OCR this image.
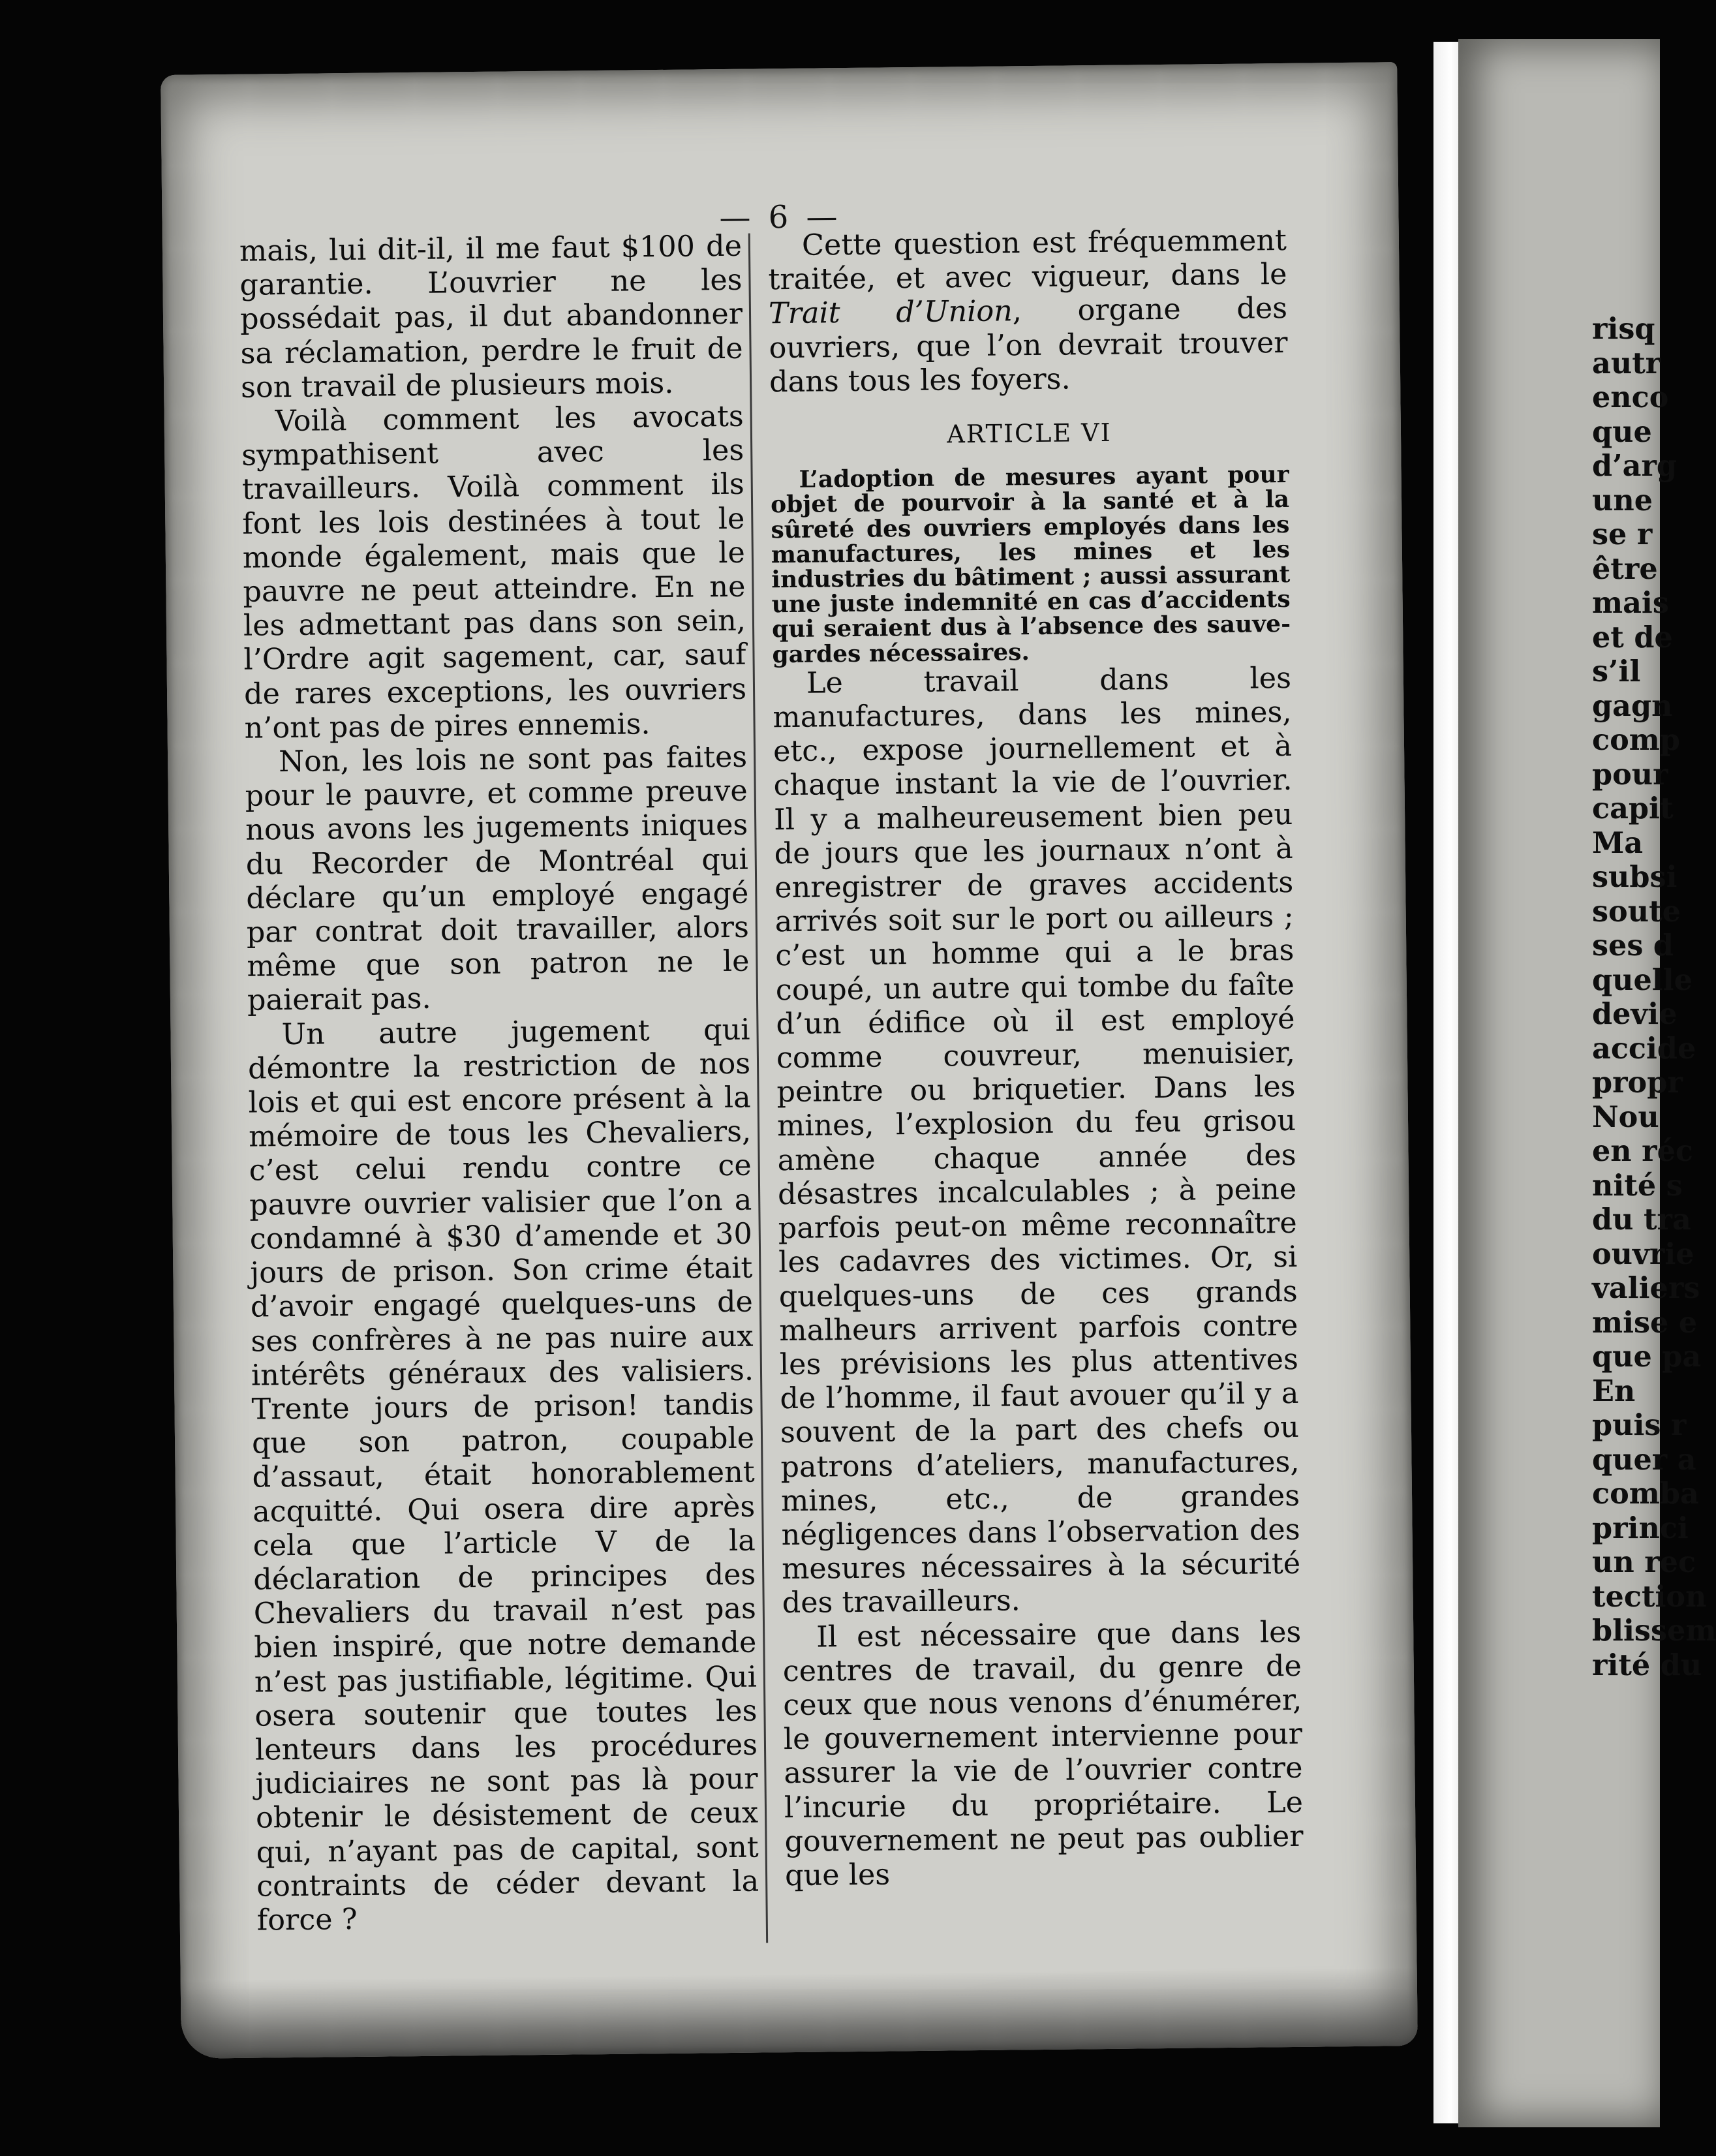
— 6 —

mais, lui dit-il, il me faut $100 de garantie. L’ouvrier ne les possédait pas, il dut abandonner sa réclamation, perdre le fruit de son travail de plusieurs mois.

Voilà comment les avocats sympathisent avec les travailleurs. Voilà comment ils font les lois destinées à tout le monde également, mais que le pauvre ne peut atteindre. En ne les admettant pas dans son sein, l’Ordre agit sagement, car, sauf de rares exceptions, les ouvriers n’ont pas de pires ennemis.

Non, les lois ne sont pas faites pour le pauvre, et comme preuve nous avons les jugements iniques du Recorder de Montréal qui déclare qu’un employé engagé par contrat doit travailler, alors même que son patron ne le paierait pas.

Un autre jugement qui démontre la restriction de nos lois et qui est encore présent à la mémoire de tous les Chevaliers, c’est celui rendu contre ce pauvre ouvrier valisier que l’on a condamné à $30 d’amende et 30 jours de prison. Son crime était d’avoir engagé quelques-uns de ses confrères à ne pas nuire aux intérêts généraux des valisiers. Trente jours de prison! tandis que son patron, coupable d’assaut, était honorablement acquitté. Qui osera dire après cela que l’article V de la déclaration de principes des Chevaliers du travail n’est pas bien inspiré, que notre demande n’est pas justifiable, légitime. Qui osera soutenir que toutes les lenteurs dans les procédures judiciaires ne sont pas là pour obtenir le désistement de ceux qui, n’ayant pas de capital, sont contraints de céder devant la force ?

Cette question est fréquemment traitée, et avec vigueur, dans le Trait d’Union, organe des ouvriers, que l’on devrait trouver dans tous les foyers.

ARTICLE VI

L’adoption de mesures ayant pour objet de pourvoir à la santé et à la sûreté des ouvriers employés dans les manufactures, les mines et les industries du bâtiment ; aussi assurant une juste indemnité en cas d’accidents qui seraient dus à l’absence des sauve-gardes nécessaires.

Le travail dans les manufactures, dans les mines, etc., expose journellement et à chaque instant la vie de l’ouvrier. Il y a malheureusement bien peu de jours que les journaux n’ont à enregistrer de graves accidents arrivés soit sur le port ou ailleurs ; c’est un homme qui a le bras coupé, un autre qui tombe du faîte d’un édifice où il est employé comme couvreur, menuisier, peintre ou briquetier. Dans les mines, l’explosion du feu grisou amène chaque année des désastres incalculables ; à peine parfois peut-on même reconnaître les cadavres des victimes. Or, si quelques-uns de ces grands malheurs arrivent parfois contre les prévisions les plus attentives de l’homme, il faut avouer qu’il y a souvent de la part des chefs ou patrons d’ateliers, manufactures, mines, etc., de grandes négligences dans l’observation des mesures nécessaires à la sécurité des travailleurs.

Il est nécessaire que dans les centres de travail, du genre de ceux que nous venons d’énumérer, le gouvernement intervienne pour assurer la vie de l’ouvrier contre l’incurie du propriétaire. Le gouvernement ne peut pas oublier que les

risq
autr
enco
que
d’arg
une
se r
être
mais
et de
s’il
gagn
comp
pour
capit
Ma
subsi
soute
ses d
quelle
devie
accide
propr
Nou
en réc
nité s
du tra
ouvrie
valiers
mise e
que pa
En
puis r
quer a
comba
princi
un rec
tection
blissem
rité du
